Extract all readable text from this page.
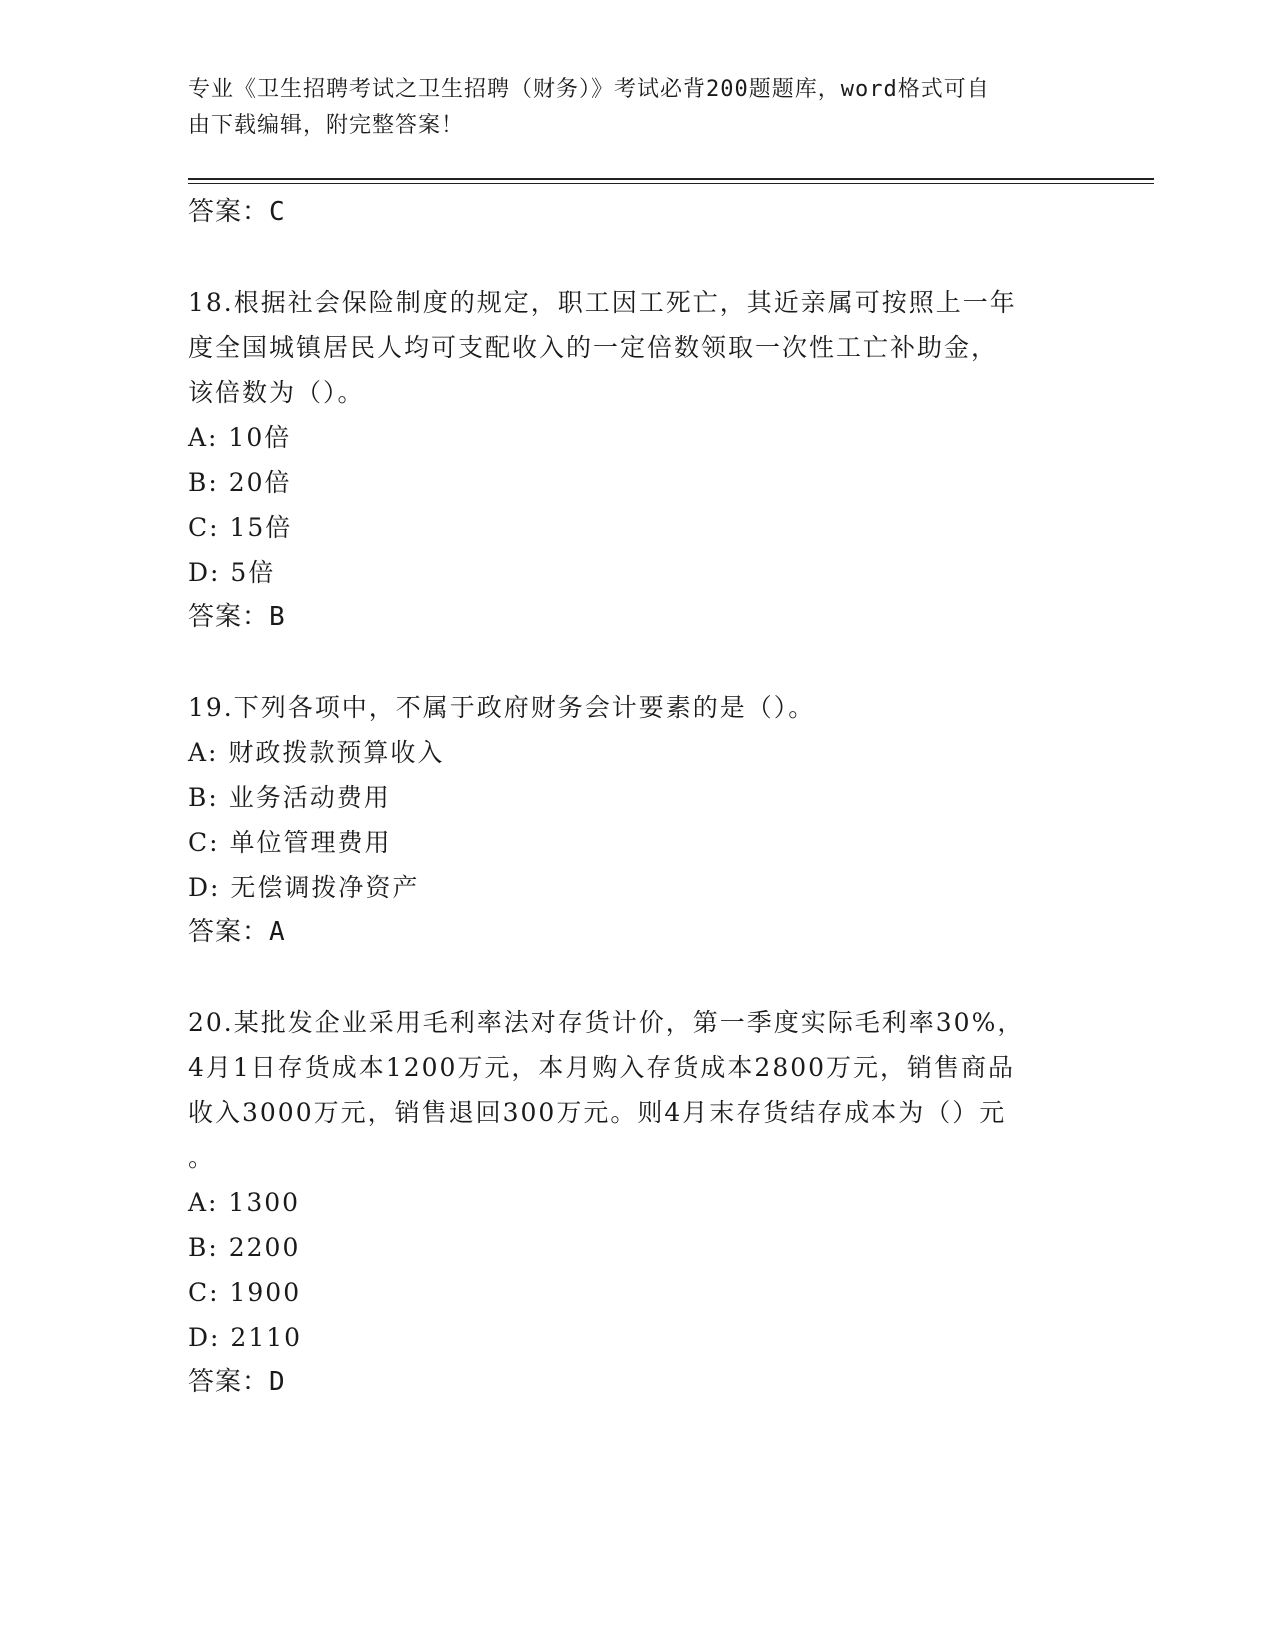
专业《卫生招聘考试之卫生招聘（财务）》考试必背200题题库，word格式可自
由下载编辑，附完整答案！
答案：C
18.根据社会保险制度的规定，职工因工死亡，其近亲属可按照上一年
度全国城镇居民人均可支配收入的一定倍数领取一次性工亡补助金，
该倍数为（）。
A: 10倍
B: 20倍
C: 15倍
D: 5倍
答案：B
19.下列各项中，不属于政府财务会计要素的是（）。
A: 财政拨款预算收入
B: 业务活动费用
C: 单位管理费用
D: 无偿调拨净资产
答案：A
20.某批发企业采用毛利率法对存货计价，第一季度实际毛利率30%，
4月1日存货成本1200万元，本月购入存货成本2800万元，销售商品
收入3000万元，销售退回300万元。则4月末存货结存成本为（）元
。
A: 1300
B: 2200
C: 1900
D: 2110
答案：D
